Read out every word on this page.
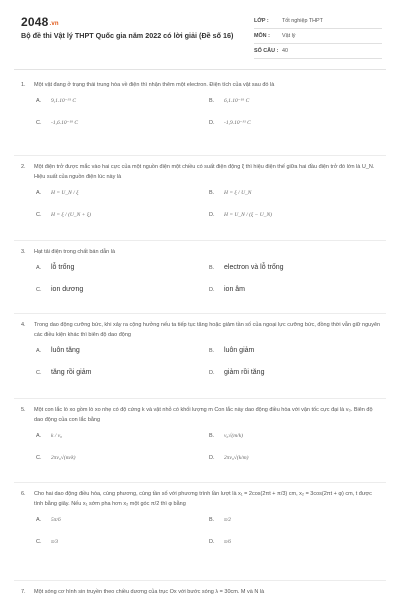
2048.vn
Bộ đề thi Vật lý THPT Quốc gia năm 2022 có lời giải (Đề số 16)
LỚP :	Tốt nghiệp THPT
MÔN :	Vật lý
SỐ CÂU : 40
1.	Một vật đang ở trạng thái trung hòa về điện thì nhận thêm một electron. Điện tích của vật sau đó là
A.	9,1.10⁻³¹ C	B.	6,1.10⁻¹⁹ C
C.	-1,6.10⁻¹⁹ C	D.	-1,9.10⁻³¹ C
2.	Một điện trở được mắc vào hai cực của một nguồn điện một chiều có suất điện động ξ thì hiệu điện thế giữa hai đầu điện trở đó lớn là U_N. Hiệu suất của nguồn điện lúc này là
A.	H = U_N / ξ	B.	H = ξ / U_N
C.	H = ξ / (U_N + ξ)	D.	H = U_N / (ξ − U_N)
3.	Hạt tải điện trong chất bán dẫn là
A.	lỗ trống	B.	electron và lỗ trống
C.	ion dương	D.	ion âm
4.	Trong dao động cưỡng bức, khi xảy ra cộng hưởng nếu ta tiếp tục tăng hoặc giảm tần số của ngoại lực cưỡng bức, đồng thời vẫn giữ nguyên các điều kiện khác thì biên độ dao động
A.	luôn tăng	B.	luôn giảm
C.	tăng rồi giảm	D.	giảm rồi tăng
5.	Một con lắc lò xo gồm lò xo nhẹ có độ cứng k và vật nhỏ có khối lượng m Con lắc này dao động điều hòa với vận tốc cực đại là v₀. Biên độ dao động của con lắc bằng
A.	k / v₀	B.	v₀√(m/k)
C.	2πv₀√(m/k)	D.	2πv₀√(k/m)
6.	Cho hai dao động điều hòa, cùng phương, cùng tần số với phương trình lần lượt là x₁ = 2cos(2πt + π/3) cm, x₂ = 3cos(2πt + φ) cm, t được tính bằng giây. Nếu x₁ sớm pha hơn x₂ một góc π/2 thì φ bằng
A.	5π/6	B.	π/2
C.	π/3	D.	π/6
7.	Một sóng cơ hình sin truyền theo chiều dương của trục Ox với bước sóng λ = 30cm. M và N là
